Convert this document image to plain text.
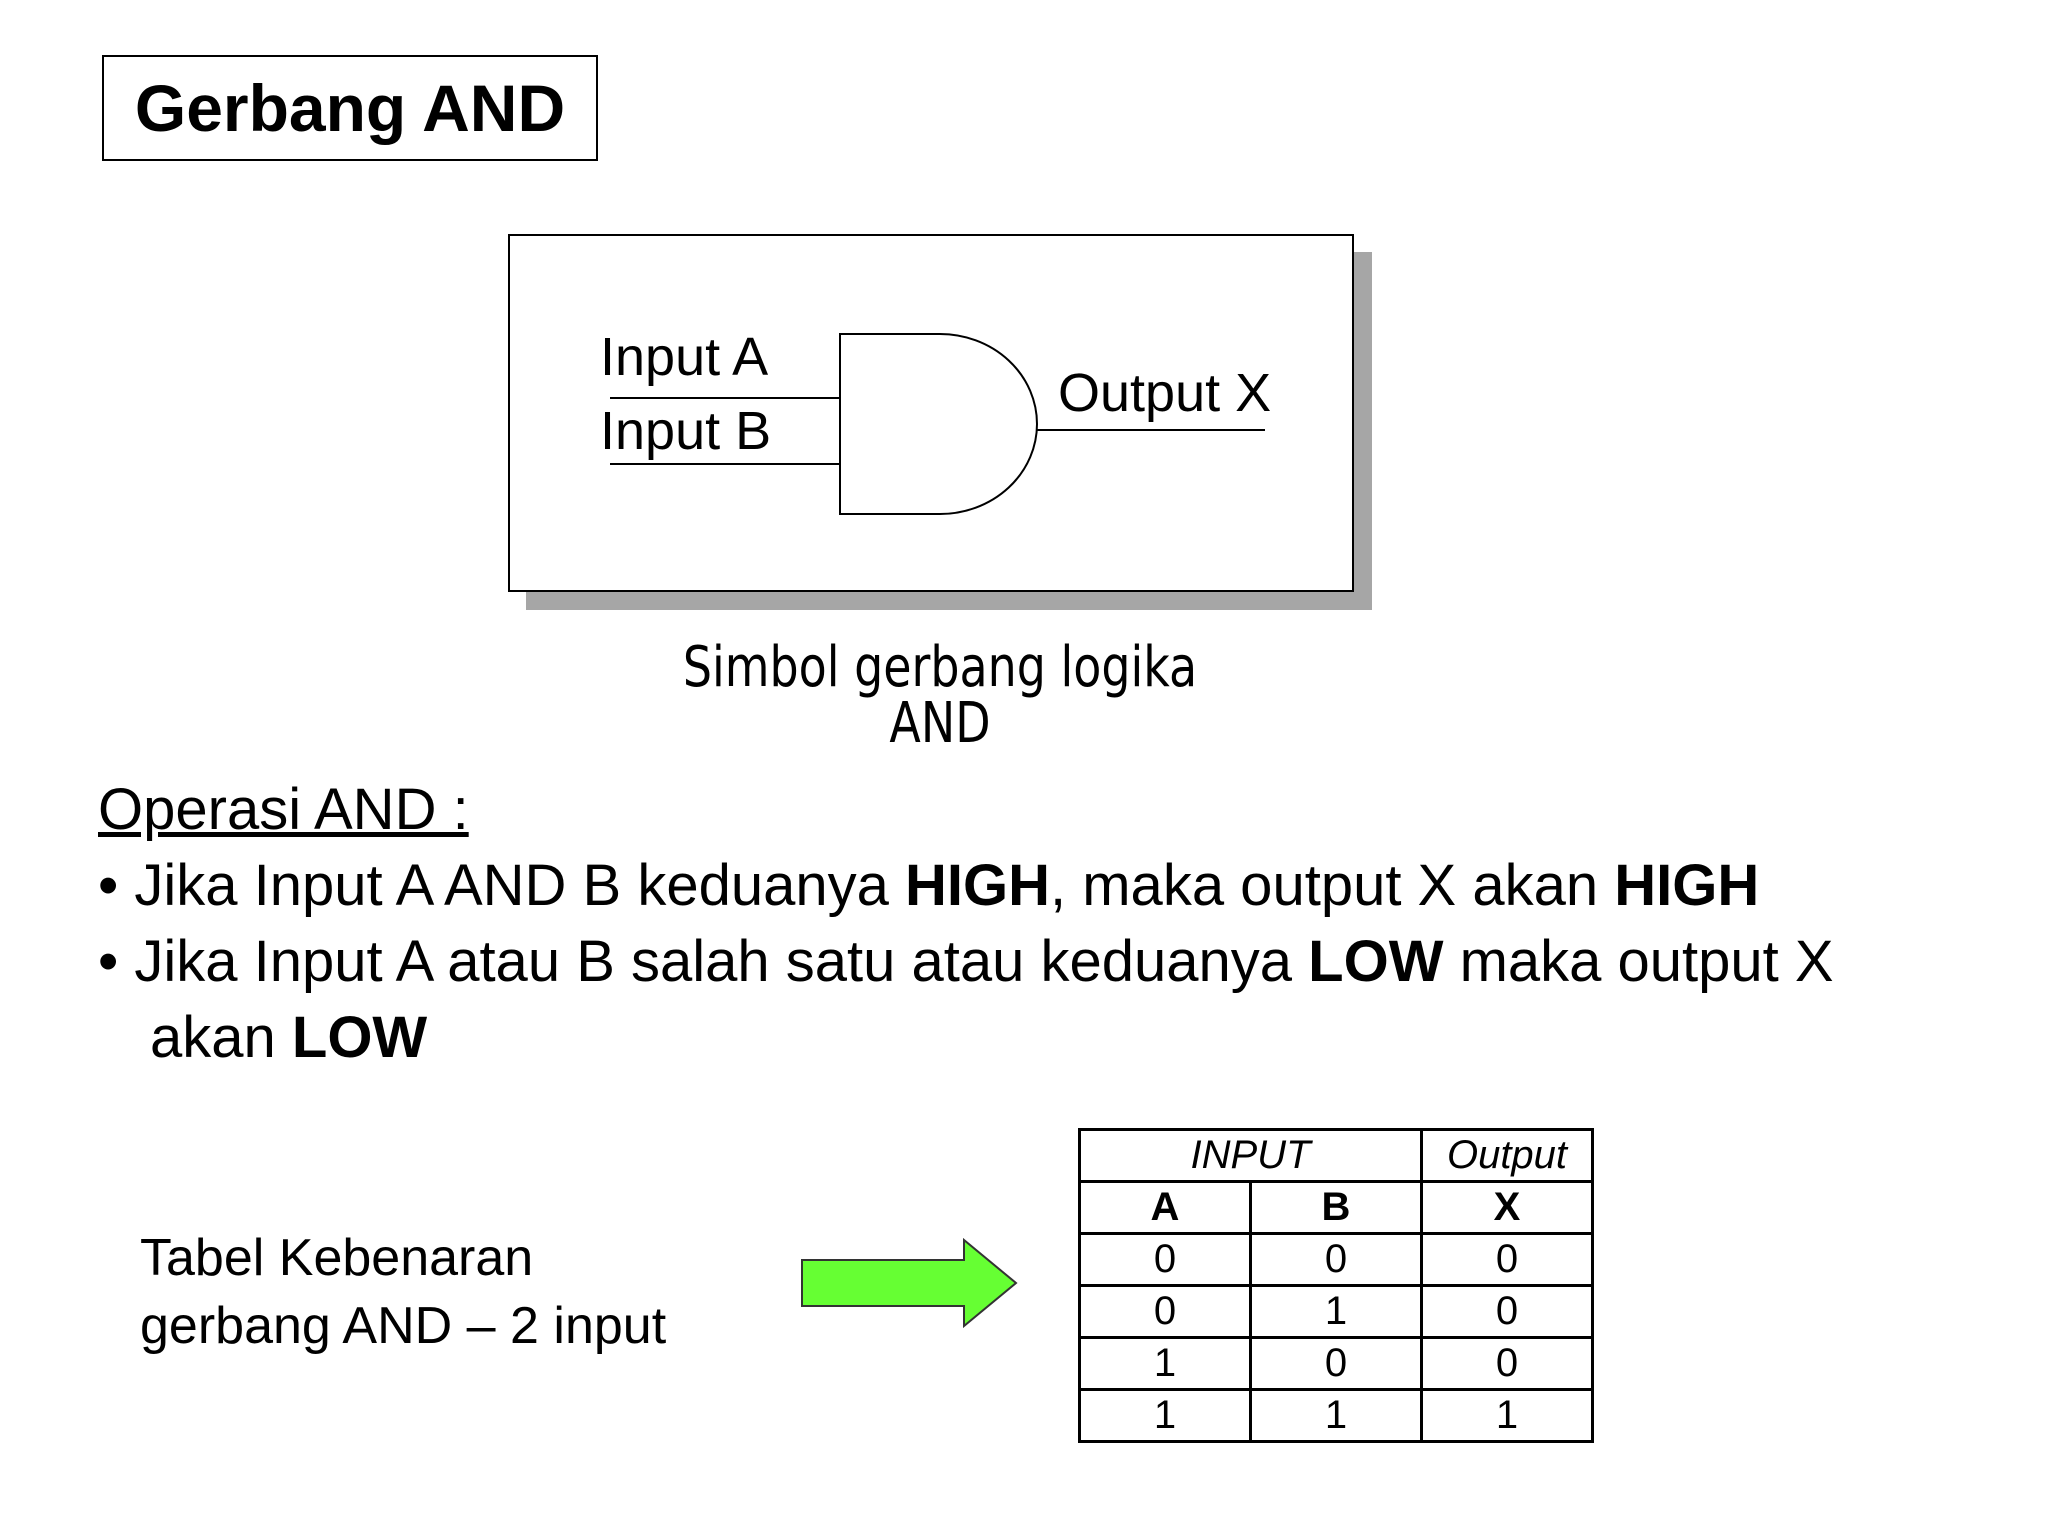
Gerbang AND
Input A
Input B
Output X
Simbol gerbang logika AND
Operasi AND :
• Jika Input A AND B keduanya HIGH, maka output X akan HIGH
• Jika Input A atau B salah satu atau keduanya LOW maka output X
akan LOW
Tabel Kebenaran
gerbang AND – 2 input
INPUT		Output
A	B	X
0	0	0
0	1	0
1	0	0
1	1	1
